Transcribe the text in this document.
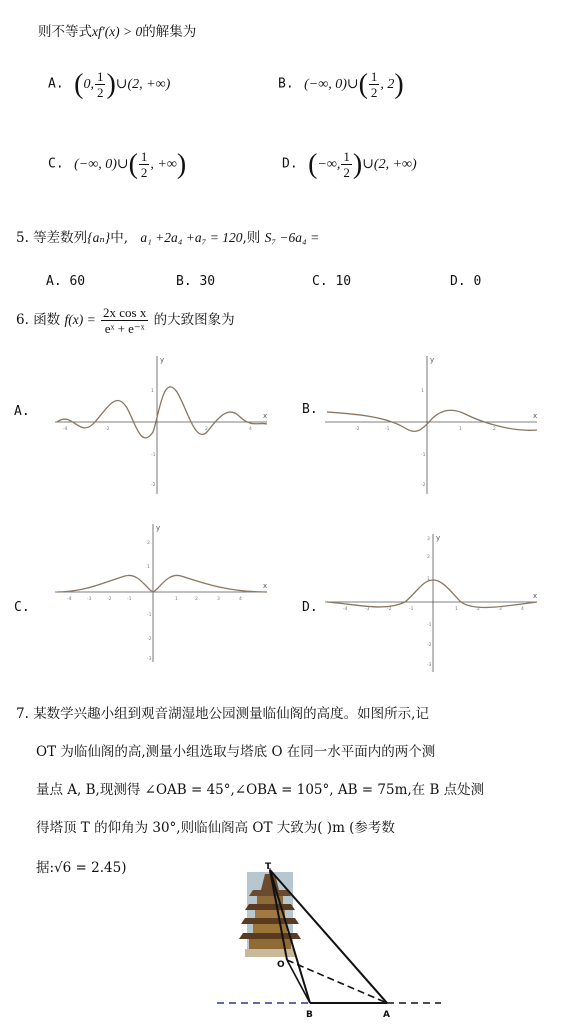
则不等式xf′(x) > 0的解集为
A. (0, $\frac{1}{2}$ )∪(2, +∞)	B. (−∞, 0)∪( $\frac{1}{2}$ , 2)
C. (−∞, 0)∪( $\frac{1}{2}$ , +∞)	D. (−∞, $\frac{1}{2}$ )∪(2, +∞)
5. 等差数列{aₙ}中, a₁ +2a₄ +a₇ = 120,则 S₇ −6a₄ =
A. 60	B. 30	C. 10	D. 0
6. 函数 $f(x) = \frac{\text{2x cos x}}{\text{eˣ + e⁻ˣ}}$ 的大致图象为
A.	B.
C.	D.
x
y
1
-1
-2
2	4
-2
-4
x
y
1
-1
-2
1	2
-1
-2
x
y
2
1
-1
-2
-3
1	2	3	4
-1
-2
-3
-4	x
y
3
2
1
-1
-2
-3
1	2	3	4
-1
-2
-3
-4
7. 某数学兴趣小组到观音湖湿地公园测量临仙阁的高度。如图所示,记
OT 为临仙阁的高,测量小组选取与塔底 O 在同一水平面内的两个测
量点 A, B,现测得 ∠OAB = 45°,∠OBA = 105°, AB = 75m,在 B 点处测
得塔顶 T 的仰角为 30°,则临仙阁高 OT 大致为( )m (参考数
据:√6 = 2.45)	T
O
B	A
